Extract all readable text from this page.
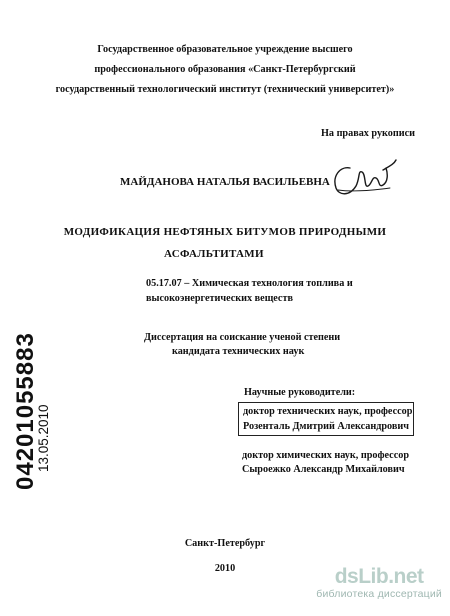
Государственное образовательное учреждение высшего
профессионального образования «Санкт-Петербургский
государственный технологический институт (технический университет)»
На правах рукописи
МАЙДАНОВА НАТАЛЬЯ ВАСИЛЬЕВНА
МОДИФИКАЦИЯ НЕФТЯНЫХ БИТУМОВ ПРИРОДНЫМИ
АСФАЛЬТИТАМИ
05.17.07 – Химическая технология топлива и
высокоэнергетических веществ
Диссертация на соискание ученой степени
кандидата технических наук
Научные руководители:
доктор технических наук, профессор
Розенталь Дмитрий Александрович
доктор химических наук, профессор
Сыроежко Александр Михайлович
Санкт-Петербург
2010
04201055883
13.05.2010
dsLib.net
библиотека диссертаций
